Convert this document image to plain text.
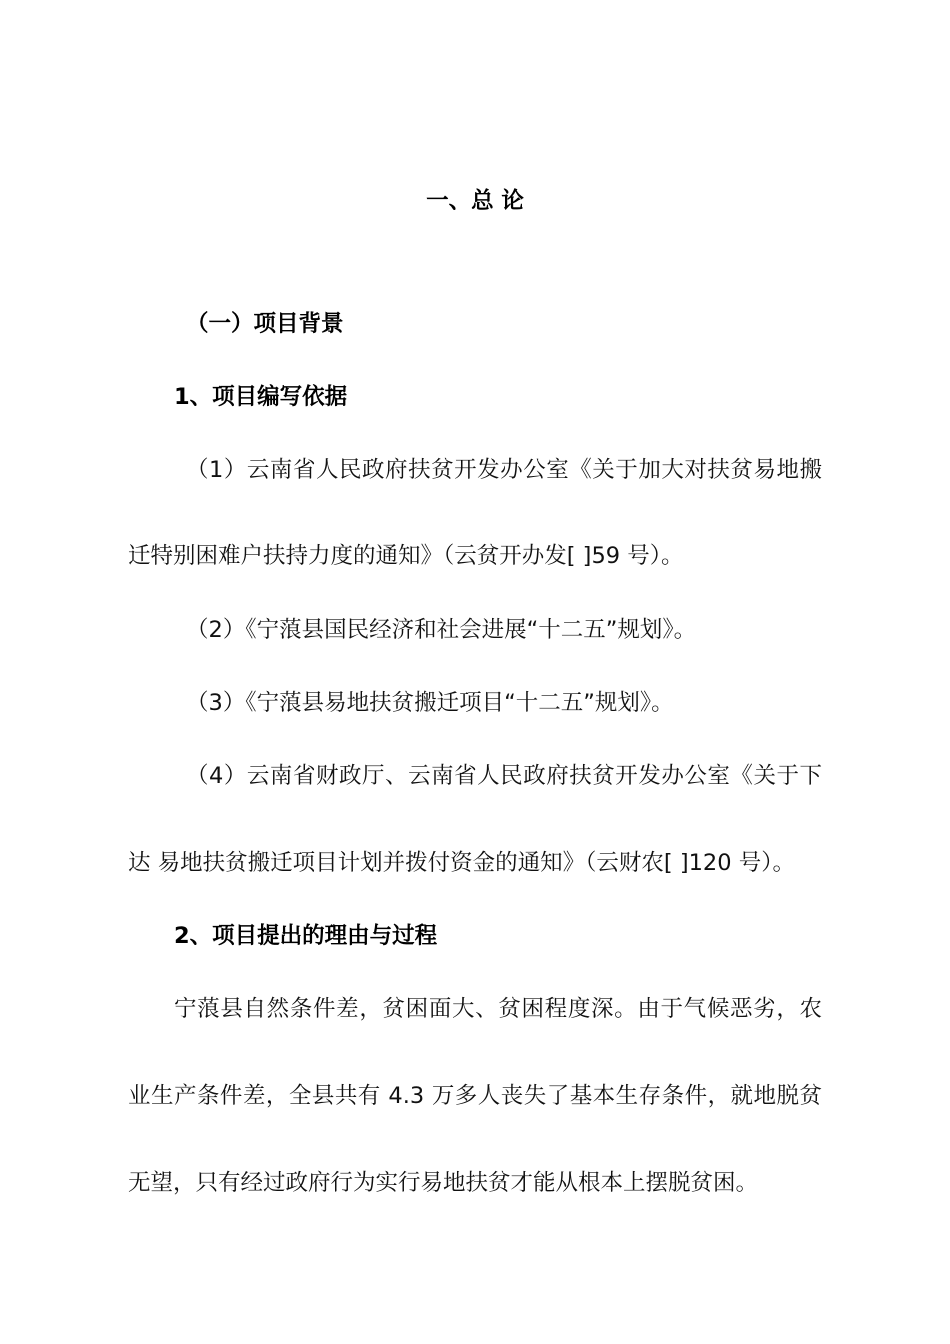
一、总 论
（一）项目背景
1、项目编写依据
（1）云南省人民政府扶贫开发办公室《关于加大对扶贫易地搬
迁特别困难户扶持力度的通知》（云贫开办发[ ]59 号）。
（2）《宁蒗县国民经济和社会进展“十二五”规划》。
（3）《宁蒗县易地扶贫搬迁项目“十二五”规划》。
（4）云南省财政厅、云南省人民政府扶贫开发办公室《关于下
达 易地扶贫搬迁项目计划并拨付资金的通知》（云财农[ ]120 号）。
2、项目提出的理由与过程
宁蒗县自然条件差，贫困面大、贫困程度深。由于气候恶劣，农
业生产条件差，全县共有 4.3 万多人丧失了基本生存条件，就地脱贫
无望，只有经过政府行为实行易地扶贫才能从根本上摆脱贫困。
